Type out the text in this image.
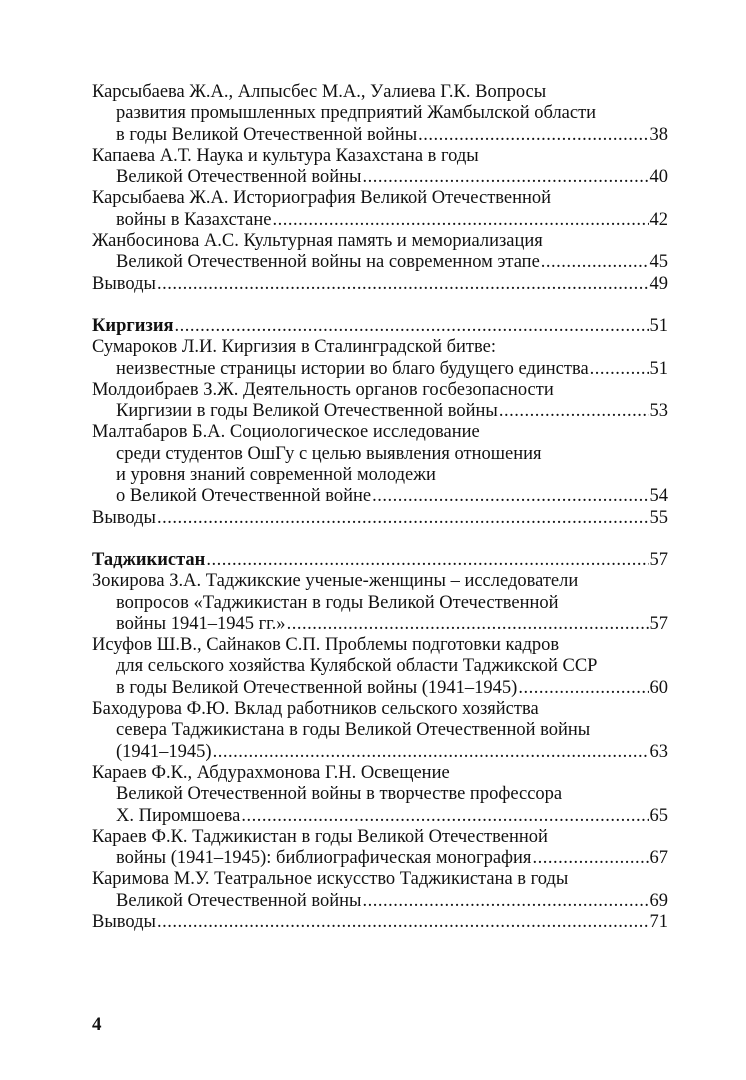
Карсыбаева Ж.А., Алпысбес М.А., Уалиева Г.К. Вопросы
развития промышленных предприятий Жамбылской области
в годы Великой Отечественной войны .....	38
Капаева А.Т. Наука и культура Казахстана в годы
Великой Отечественной войны .....	40
Карсыбаева Ж.А. Историография Великой Отечественной
войны в Казахстане .....	42
Жанбосинова А.С. Культурная память и мемориализация
Великой Отечественной войны на современном этапе .....	45
Выводы .....	49
Киргизия .....	51
Сумароков Л.И. Киргизия в Сталинградской битве:
неизвестные страницы истории во благо будущего единства .....	51
Молдоибраев З.Ж. Деятельность органов госбезопасности
Киргизии в годы Великой Отечественной войны .....	53
Малтабаров Б.А. Социологическое исследование
среди студентов ОшГу с целью выявления отношения
и уровня знаний современной молодежи
о Великой Отечественной войне .....	54
Выводы .....	55
Таджикистан .....	57
Зокирова З.А. Таджикские ученые-женщины – исследователи
вопросов «Таджикистан в годы Великой Отечественной
войны 1941–1945 гг.» .....	57
Исуфов Ш.В., Сайнаков С.П. Проблемы подготовки кадров
для сельского хозяйства Кулябской области Таджикской ССР
в годы Великой Отечественной войны (1941–1945) .....	60
Баходурова Ф.Ю. Вклад работников сельского хозяйства
севера Таджикистана в годы Великой Отечественной войны
(1941–1945) .....	63
Караев Ф.К., Абдурахмонова Г.Н. Освещение
Великой Отечественной войны в творчестве профессора
Х. Пиромшоева .....	65
Караев Ф.К. Таджикистан в годы Великой Отечественной
войны (1941–1945): библиографическая монография .....	67
Каримова М.У. Театральное искусство Таджикистана в годы
Великой Отечественной войны .....	69
Выводы .....	71
4
